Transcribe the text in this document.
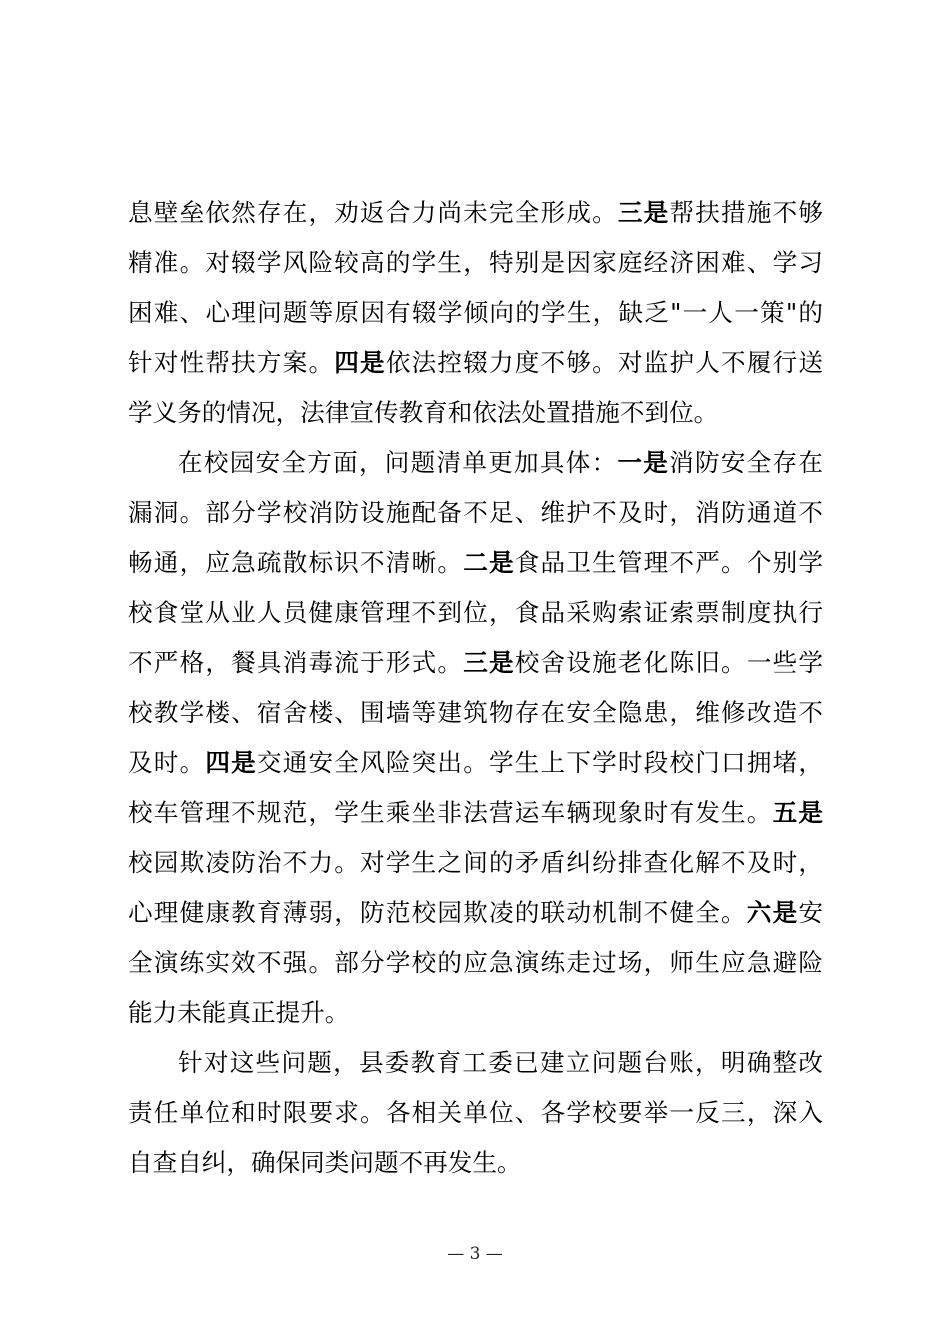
息壁垒依然存在，劝返合力尚未完全形成。三是帮扶措施不够
精准。对辍学风险较高的学生，特别是因家庭经济困难、学习
困难、心理问题等原因有辍学倾向的学生，缺乏"一人一策"的
针对性帮扶方案。四是依法控辍力度不够。对监护人不履行送
学义务的情况，法律宣传教育和依法处置措施不到位。
在校园安全方面，问题清单更加具体：一是消防安全存在
漏洞。部分学校消防设施配备不足、维护不及时，消防通道不
畅通，应急疏散标识不清晰。二是食品卫生管理不严。个别学
校食堂从业人员健康管理不到位，食品采购索证索票制度执行
不严格，餐具消毒流于形式。三是校舍设施老化陈旧。一些学
校教学楼、宿舍楼、围墙等建筑物存在安全隐患，维修改造不
及时。四是交通安全风险突出。学生上下学时段校门口拥堵，
校车管理不规范，学生乘坐非法营运车辆现象时有发生。五是
校园欺凌防治不力。对学生之间的矛盾纠纷排查化解不及时，
心理健康教育薄弱，防范校园欺凌的联动机制不健全。六是安
全演练实效不强。部分学校的应急演练走过场，师生应急避险
能力未能真正提升。
针对这些问题，县委教育工委已建立问题台账，明确整改
责任单位和时限要求。各相关单位、各学校要举一反三，深入
自查自纠，确保同类问题不再发生。
— 3 —
